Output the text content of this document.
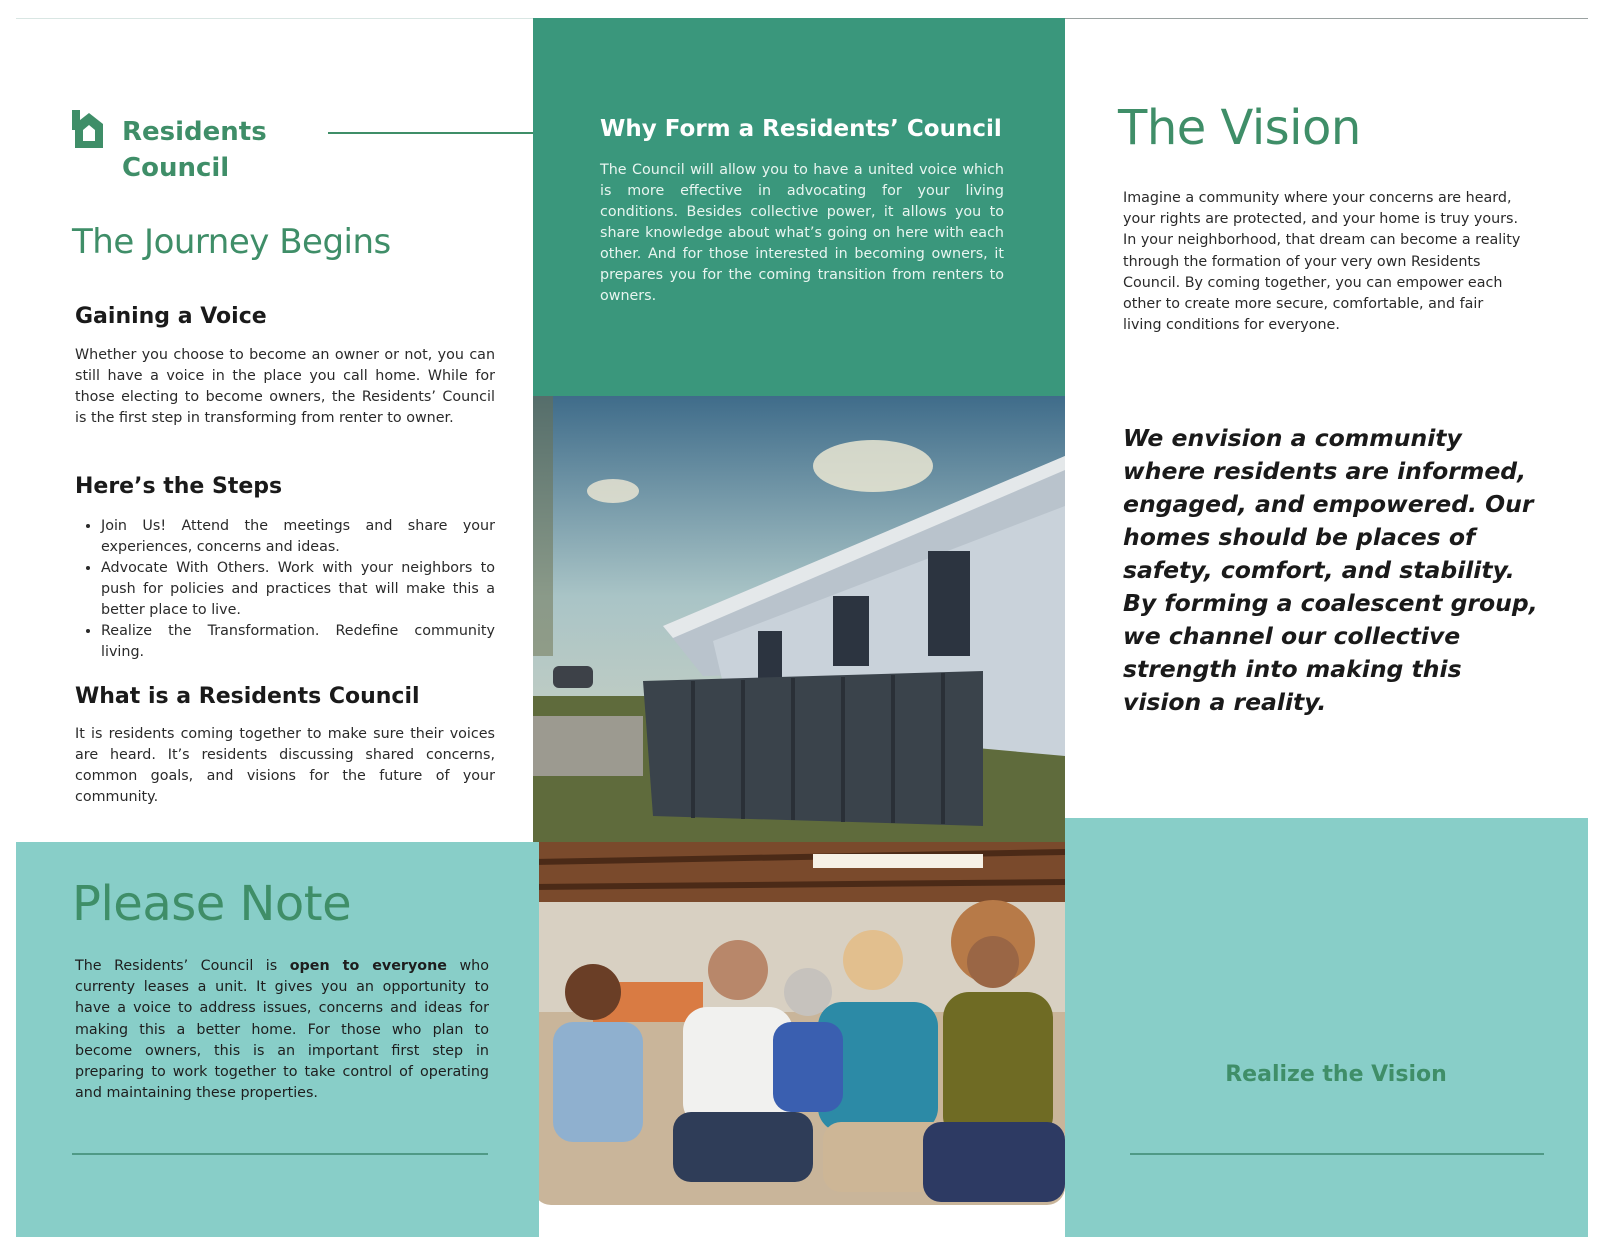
Residents
Council
The Journey Begins
Gaining a Voice
Whether you choose to become an owner or not, you can still have a voice in the place you call home. While for those electing to become owners, the Residents’ Council is the first step in transforming from renter to owner.
Here’s the Steps
• Join Us! Attend the meetings and share your experiences, concerns and ideas.
• Advocate With Others. Work with your neighbors to push for policies and practices that will make this a better place to live.
• Realize the Transformation. Redefine community living.
What is a Residents Council
It is residents coming together to make sure their voices are heard. It’s residents discussing shared concerns, common goals, and visions for the future of your community.
Why Form a Residents’ Council
The Council will allow you to have a united voice which is more effective in advocating for your living conditions. Besides collective power, it allows you to share knowledge about what’s going on here with each other. And for those interested in becoming owners, it prepares you for the coming transition from renters to owners.
The Vision
Imagine a community where your concerns are heard, your rights are protected, and your home is truy yours. In your neighborhood, that dream can become a reality through the formation of your very own Residents Council. By coming together, you can empower each other to create more secure, comfortable, and fair living conditions for everyone.
We envision a community where residents are informed, engaged, and empowered. Our homes should be places of safety, comfort, and stability. By forming a coalescent group, we channel our collective strength into making this vision a reality.
Please Note
The Residents’ Council is open to everyone who currenty leases a unit. It gives you an opportunity to have a voice to address issues, concerns and ideas for making this a better home. For those who plan to become owners, this is an important first step in preparing to work together to take control of operating and maintaining these properties.
Realize the Vision
